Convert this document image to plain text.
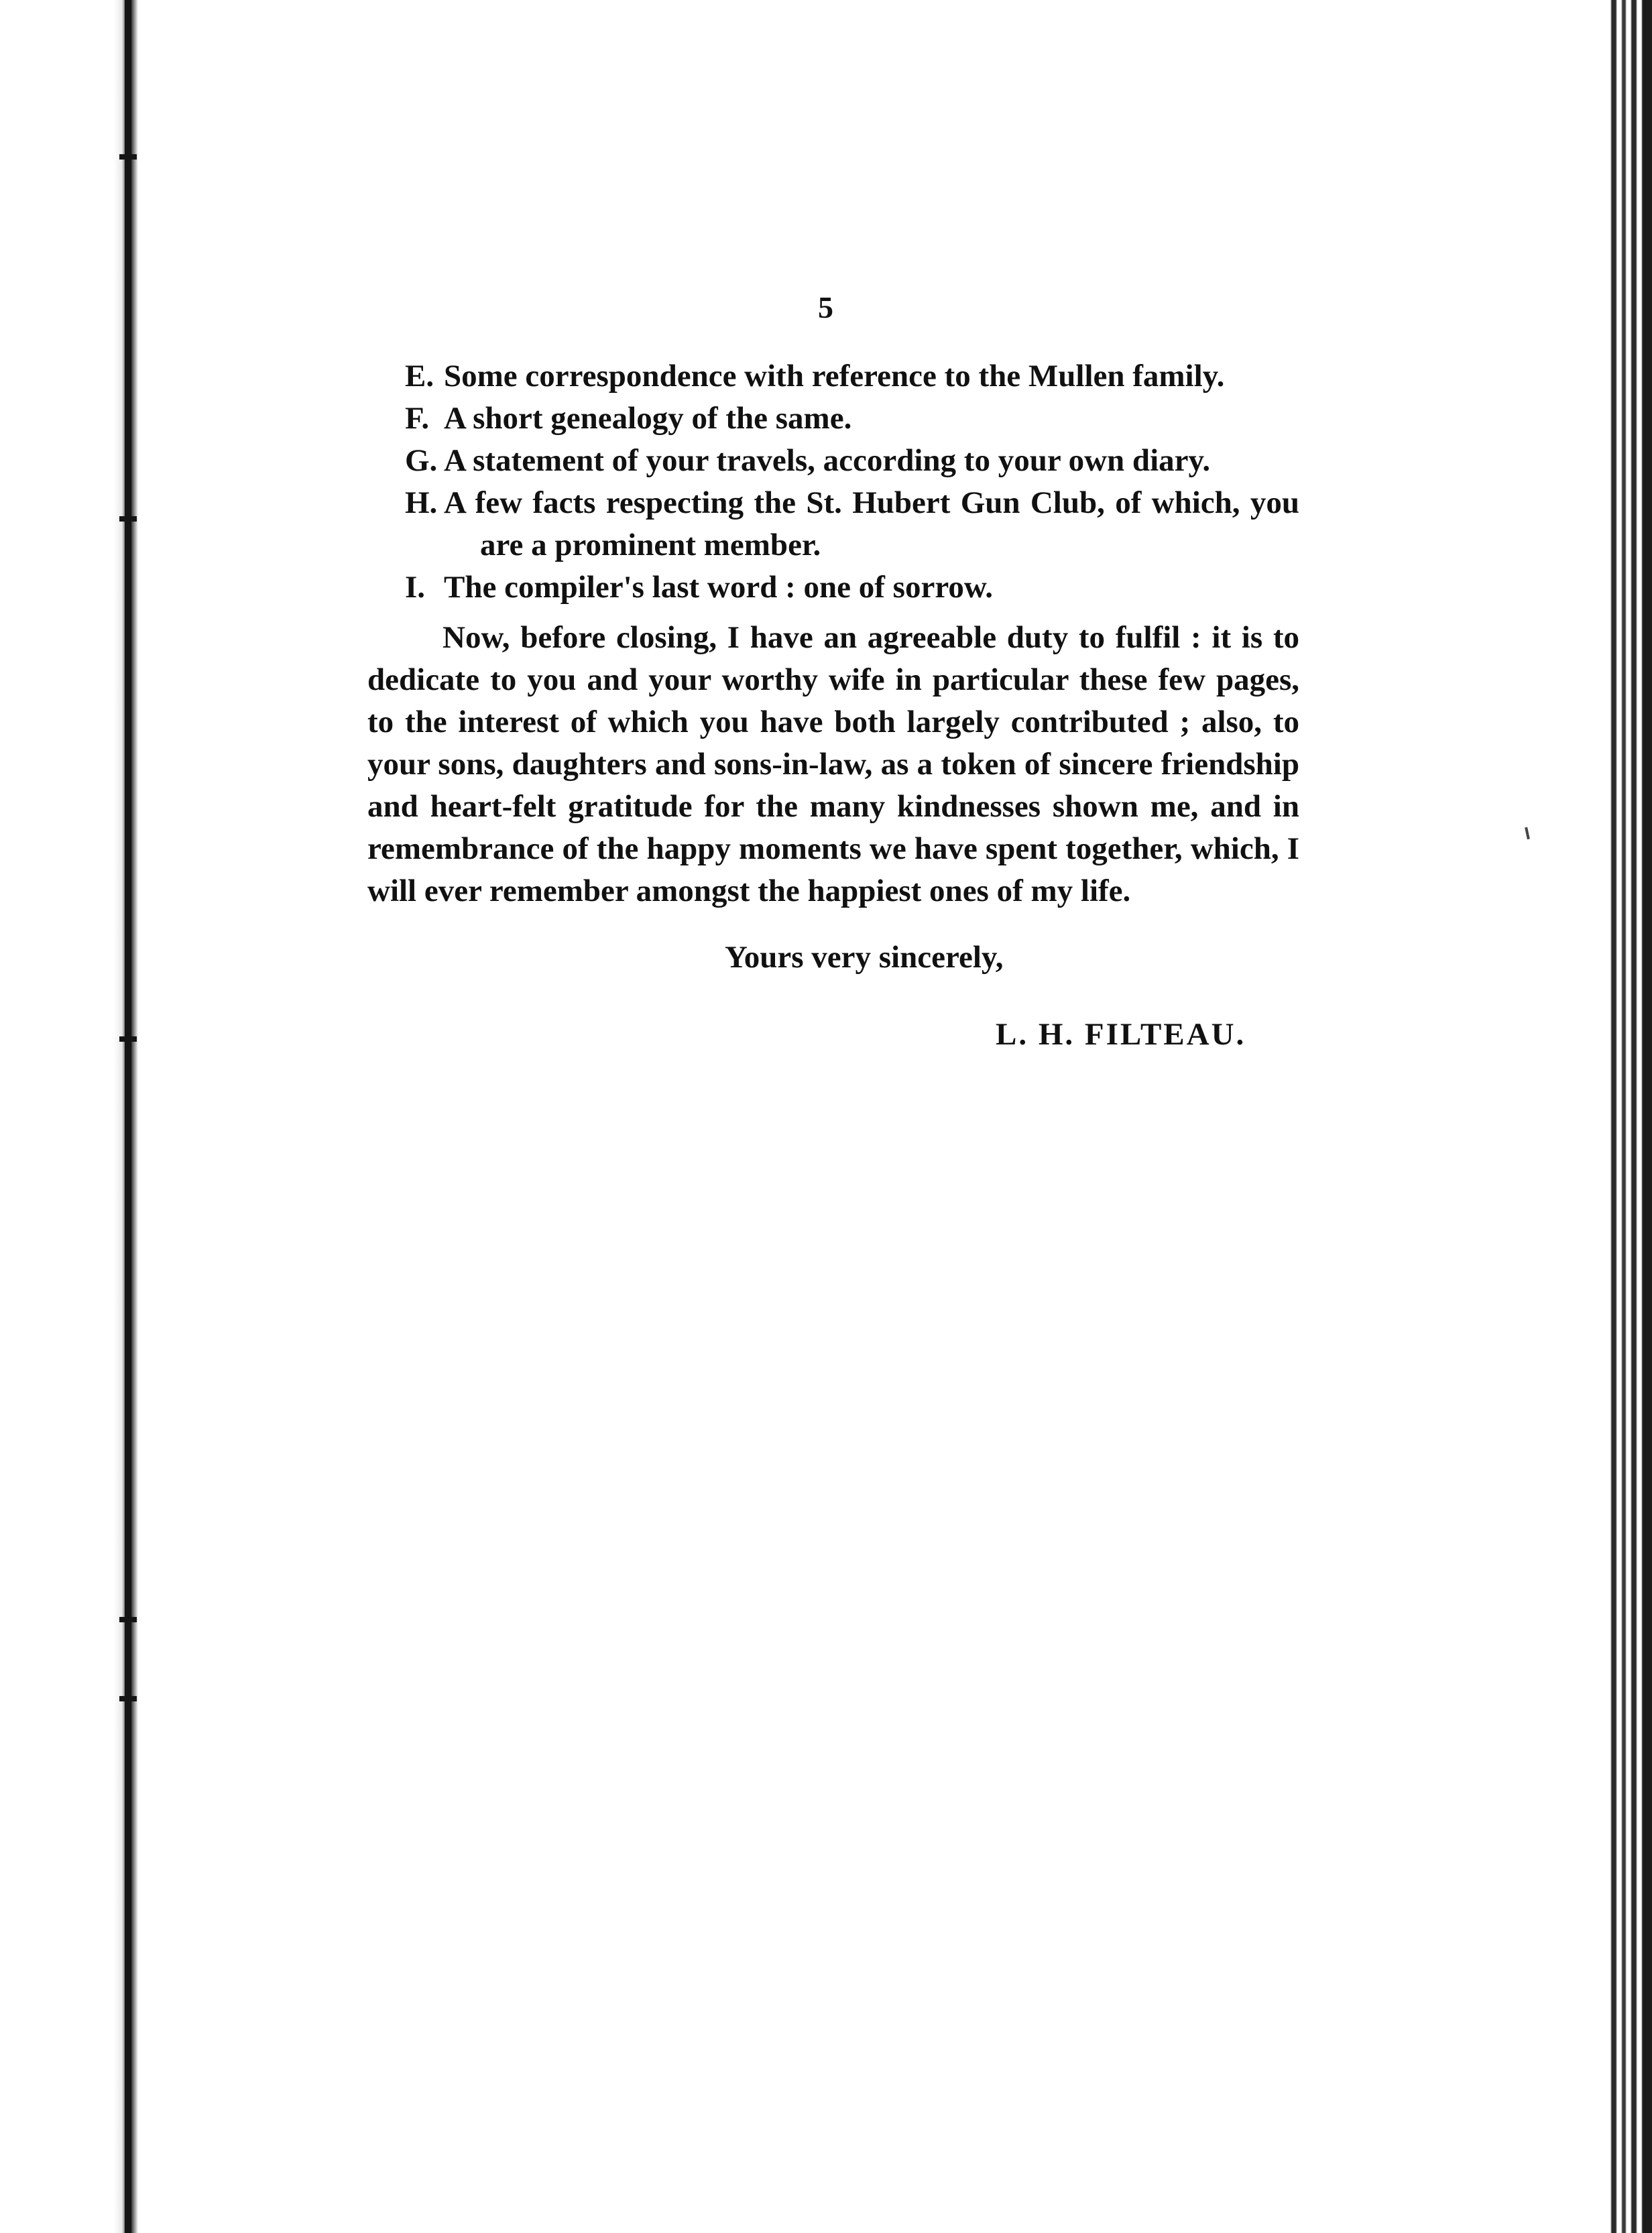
5
E. Some correspondence with reference to the Mullen family.
F. A short genealogy of the same.
G. A statement of your travels, according to your own diary.
H. A few facts respecting the St. Hubert Gun Club, of which, you are a prominent member.
I. The compiler's last word : one of sorrow.
Now, before closing, I have an agreeable duty to fulfil : it is to dedicate to you and your worthy wife in particular these few pages, to the interest of which you have both largely contributed ; also, to your sons, daughters and sons-in-law, as a token of sincere friendship and heart-felt gratitude for the many kindnesses shown me, and in remembrance of the happy moments we have spent together, which, I will ever remember amongst the happiest ones of my life.
Yours very sincerely,
L. H. FILTEAU.
